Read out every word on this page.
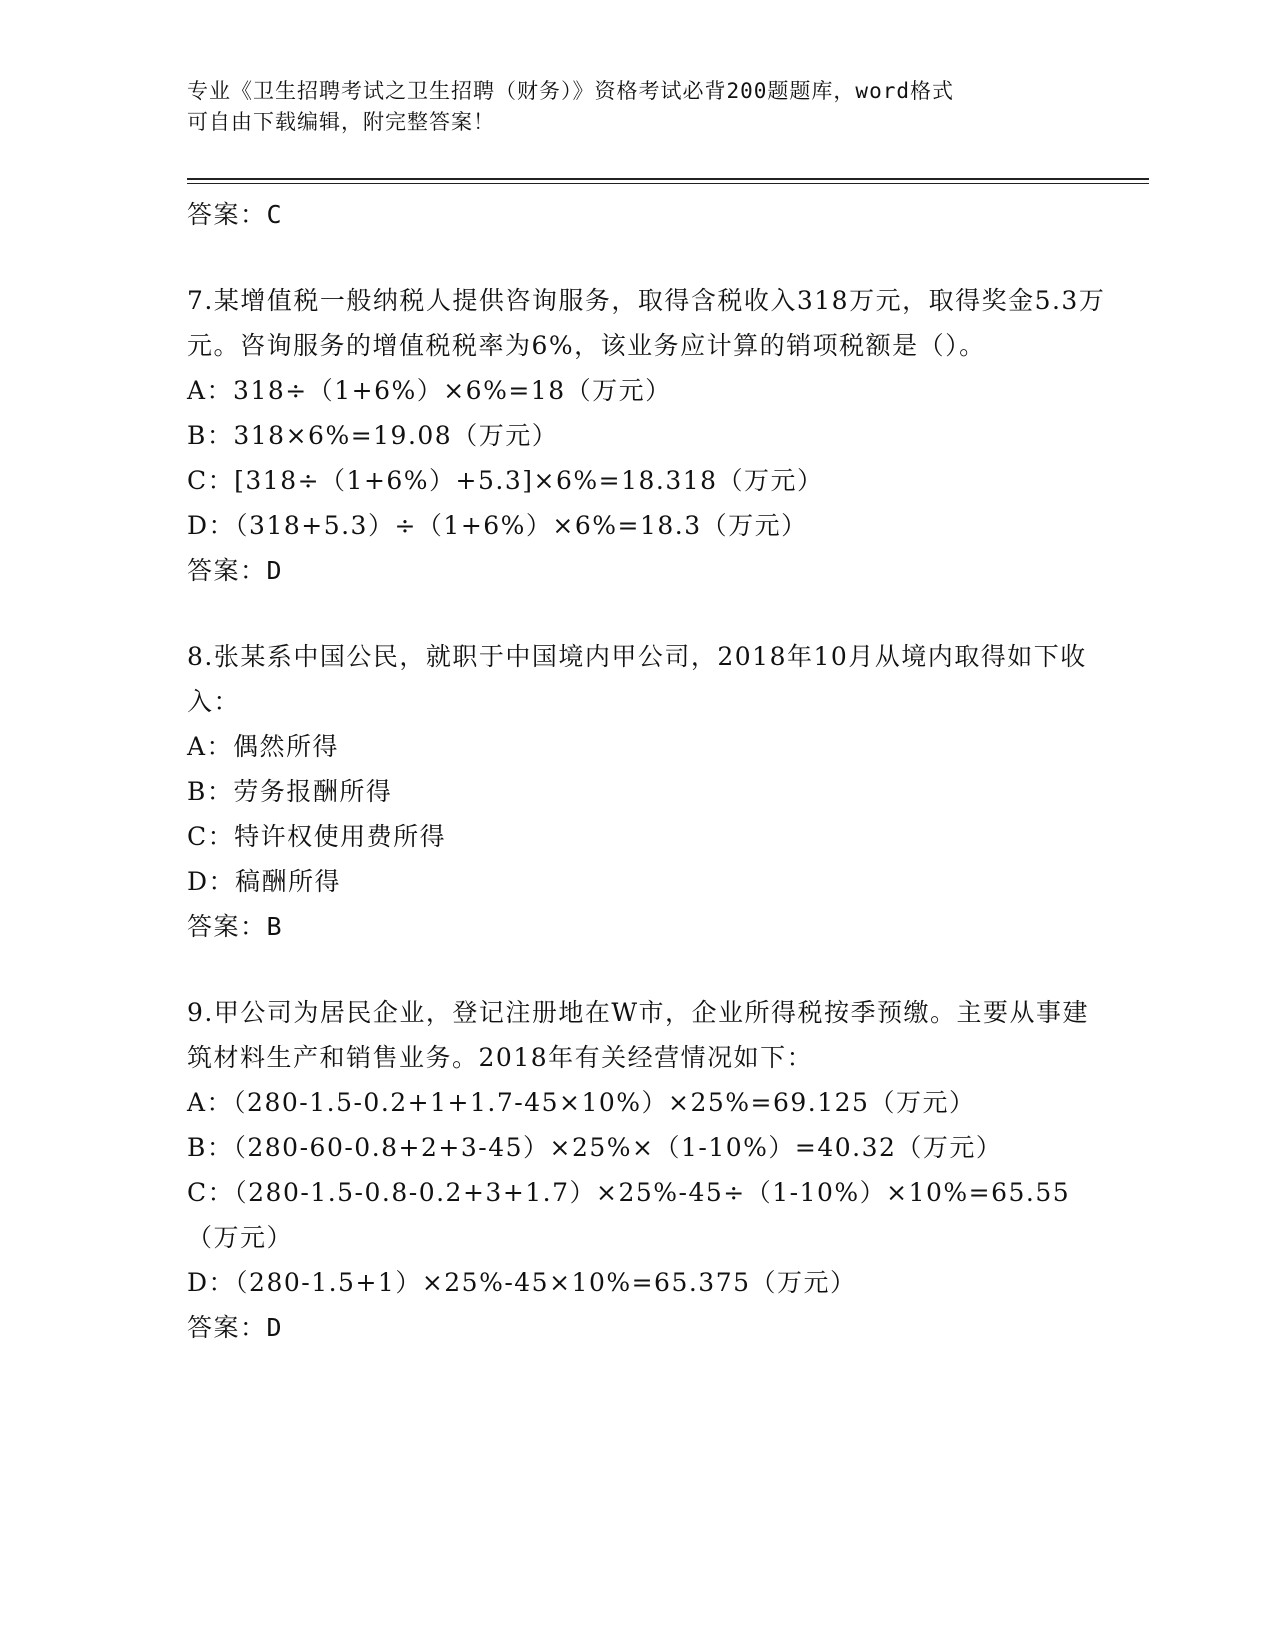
专业《卫生招聘考试之卫生招聘（财务）》资格考试必背200题题库，word格式
可自由下载编辑，附完整答案！
答案：C
7.某增值税一般纳税人提供咨询服务，取得含税收入318万元，取得奖金5.3万元。咨询服务的增值税税率为6%，该业务应计算的销项税额是（）。
A：318÷（1+6%）×6%=18（万元）
B：318×6%=19.08（万元）
C：[318÷（1+6%）+5.3]×6%=18.318（万元）
D：（318+5.3）÷（1+6%）×6%=18.3（万元）
答案：D
8.张某系中国公民，就职于中国境内甲公司，2018年10月从境内取得如下收入：
A：偶然所得
B：劳务报酬所得
C：特许权使用费所得
D：稿酬所得
答案：B
9.甲公司为居民企业，登记注册地在W市，企业所得税按季预缴。主要从事建筑材料生产和销售业务。2018年有关经营情况如下：
A：（280-1.5-0.2+1+1.7-45×10%）×25%=69.125（万元）
B：（280-60-0.8+2+3-45）×25%×（1-10%）=40.32（万元）
C：（280-1.5-0.8-0.2+3+1.7）×25%-45÷（1-10%）×10%=65.55（万元）
D：（280-1.5+1）×25%-45×10%=65.375（万元）
答案：D
